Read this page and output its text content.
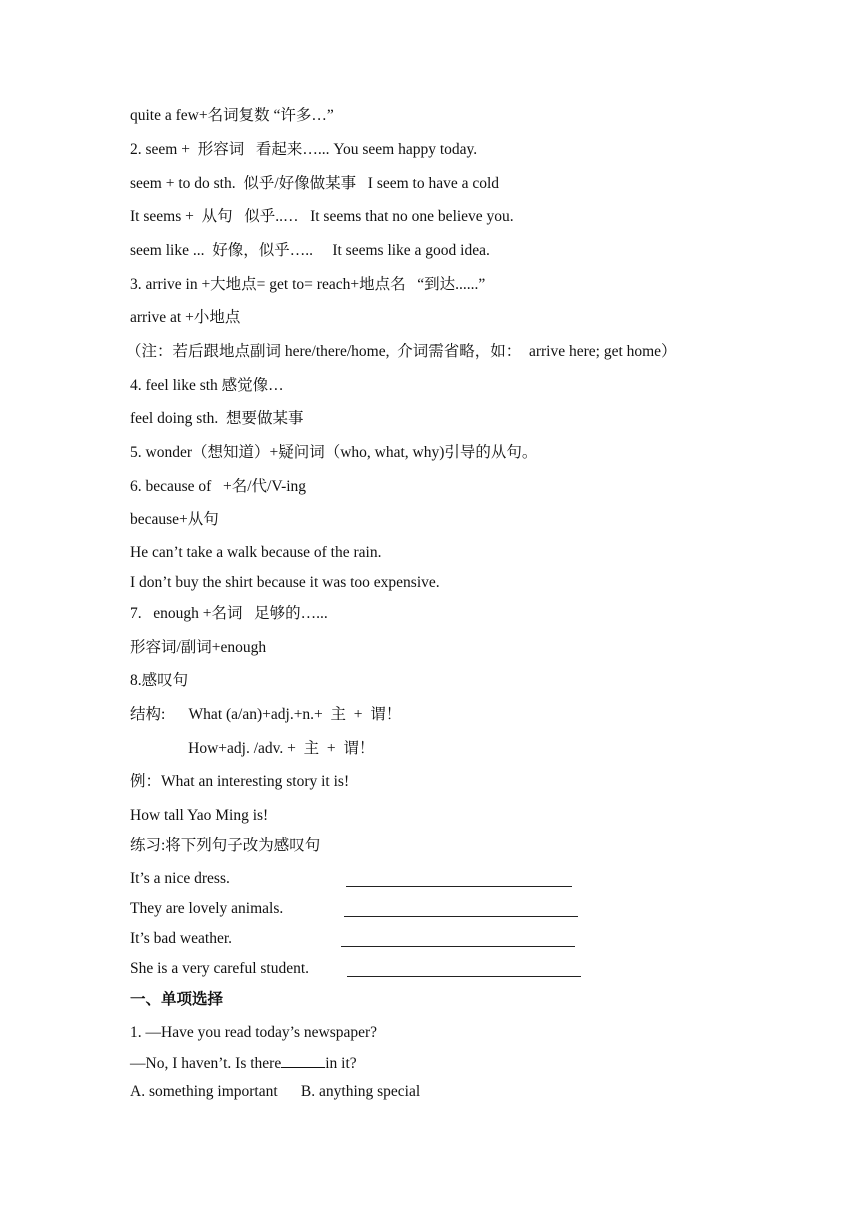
quite a few+名词复数 “许多…”
2. seem +  形容词   看起来…... You seem happy today.
seem + to do sth.  似乎/好像做某事   I seem to have a cold
It seems +  从句   似乎..…   It seems that no one believe you.
seem like ...  好像，似乎…..     It seems like a good idea.
3. arrive in +大地点= get to= reach+地点名   “到达......”
arrive at +小地点
（注：若后跟地点副词 here/there/home,  介词需省略，如：  arrive here; get home）
4. feel like sth 感觉像…
feel doing sth.  想要做某事
5. wonder（想知道）+疑问词（who, what, why)引导的从句。
6. because of   +名/代/V-ing
because+从句
He can’t take a walk because of the rain.
I don’t buy the shirt because it was too expensive.
7.   enough +名词   足够的…...
形容词/副词+enough
8.感叹句
结构:      What (a/an)+adj.+n.+  主  +  谓！
How+adj. /adv. +  主  +  谓！
例：What an interesting story it is!
How tall Yao Ming is!
练习:将下列句子改为感叹句
It’s a nice dress.
They are lovely animals.
It’s bad weather.
She is a very careful student.
一、单项选择
1. —Have you read today’s newspaper?
—No, I haven’t. Is there	in it?
A. something important      B. anything special
